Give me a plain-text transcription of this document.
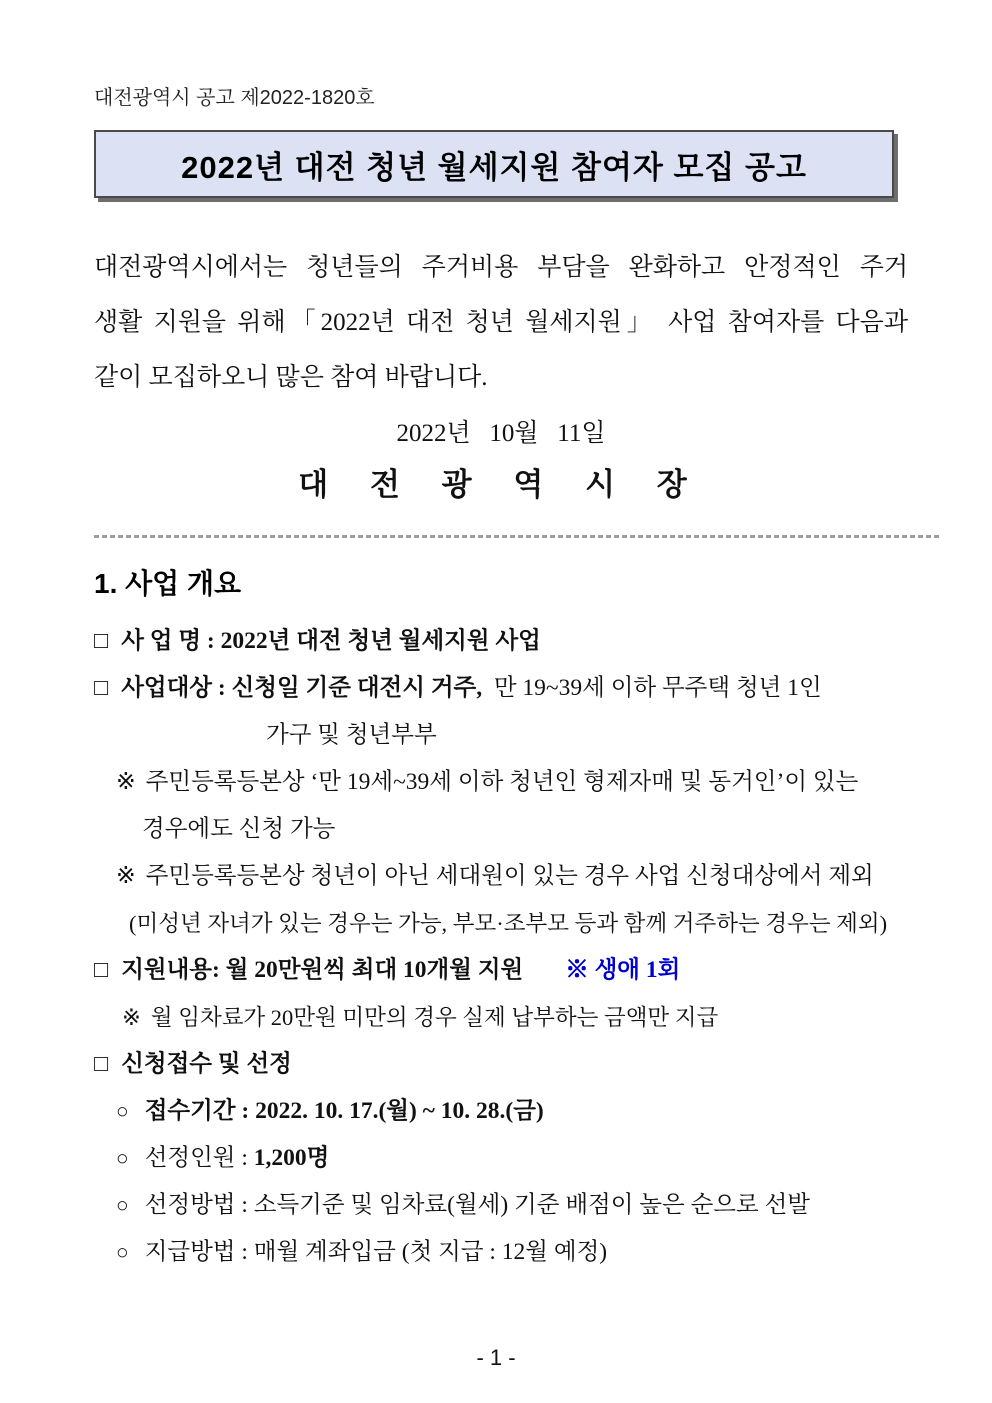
대전광역시 공고 제2022-1820호
2022년 대전 청년 월세지원 참여자 모집 공고
대전광역시에서는 청년들의 주거비용 부담을 완화하고 안정적인 주거
생활 지원을 위해「2022년 대전 청년 월세지원」 사업 참여자를 다음과
같이 모집하오니 많은 참여 바랍니다.
2022년   10월   11일
대 전 광 역 시 장
1. 사업 개요
□ 사 업 명 : 2022년 대전 청년 월세지원 사업
□ 사업대상 : 신청일 기준 대전시 거주,  만 19~39세 이하 무주택 청년 1인
가구 및 청년부부
※ 주민등록등본상 ‘만 19세~39세 이하 청년인 형제자매 및 동거인’이 있는
경우에도 신청 가능
※ 주민등록등본상 청년이 아닌 세대원이 있는 경우 사업 신청대상에서 제외
(미성년 자녀가 있는 경우는 가능, 부모·조부모 등과 함께 거주하는 경우는 제외)
□ 지원내용: 월 20만원씩 최대 10개월 지원 ※ 생애 1회
※ 월 임차료가 20만원 미만의 경우 실제 납부하는 금액만 지급
□ 신청접수 및 선정
○ 접수기간 : 2022. 10. 17.(월) ~ 10. 28.(금)
○ 선정인원 : 1,200명
○ 선정방법 : 소득기준 및 임차료(월세) 기준 배점이 높은 순으로 선발
○ 지급방법 : 매월 계좌입금 (첫 지급 : 12월 예정)
- 1 -
